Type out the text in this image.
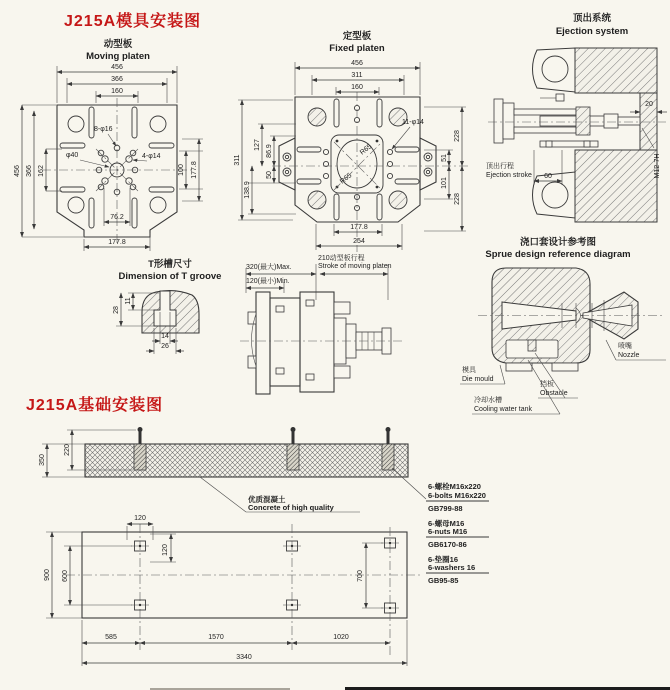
J215A模具安装图
动型板
Moving platen
8-φ16
φ40	4-φ14
456
366
160
456 366 162	100 177.8
76.2
177.8
定型板
Fixed platen
R65
R65
11-φ14
456
311
160
311
127 86.9
50
138.9
51
101
228
228
177.8
254
顶出系统
Ejection system
20
M12-7H
顶出行程
Ejection stroke 60
T形槽尺寸
Dimension of T groove
11
28
14
26
320(最大)Max.
120(最小)Min.
210动型板行程
Stroke of moving platen
浇口套设计参考图
Sprue design reference diagram
模具
Die mould
冷却水槽
Cooling water tank
挡板
Obstacle
喷嘴
Nozzle
J215A基础安装图
350
220
优质混凝土
Concrete of high quality
6-螺栓M16x220
6-bolts M16x220
GB799-88
6-螺母M16
6-nuts M16
GB6170-86
6-垫圈16
6-washers 16
GB95-85
120
120
900 600	700
585	1570	1020
3340
